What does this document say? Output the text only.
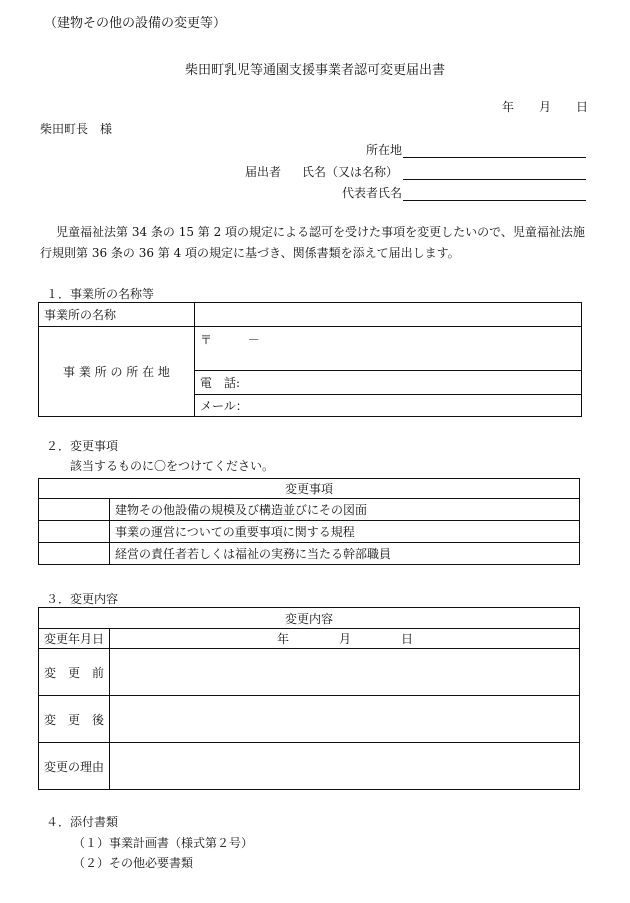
（建物その他の設備の変更等）
柴田町乳児等通園支援事業者認可変更届出書
年 月 日
柴田町長　様
所在地
届出者 氏名（又は名称）
代表者氏名
児童福祉法第 34 条の 15 第 2 項の規定による認可を受けた事項を変更したいので、児童福祉法施
行規則第 36 条の 36 第 4 項の規定に基づき、関係書類を添えて届出します。
１．事業所の名称等
事業所の名称	
事 業 所 の 所 在 地	〒 －
	電　話:
	メール：
２．変更事項
該当するものに〇をつけてください。
変更事項	
	建物その他設備の規模及び構造並びにその図面
	事業の運営についての重要事項に関する規程
	経営の責任者若しくは福祉の実務に当たる幹部職員
３．変更内容
変更内容	
変更年月日	年 月 日
変　更　前	
変　更　後	
変更の理由	
４．添付書類
（１）事業計画書（様式第２号）
（２）その他必要書類
